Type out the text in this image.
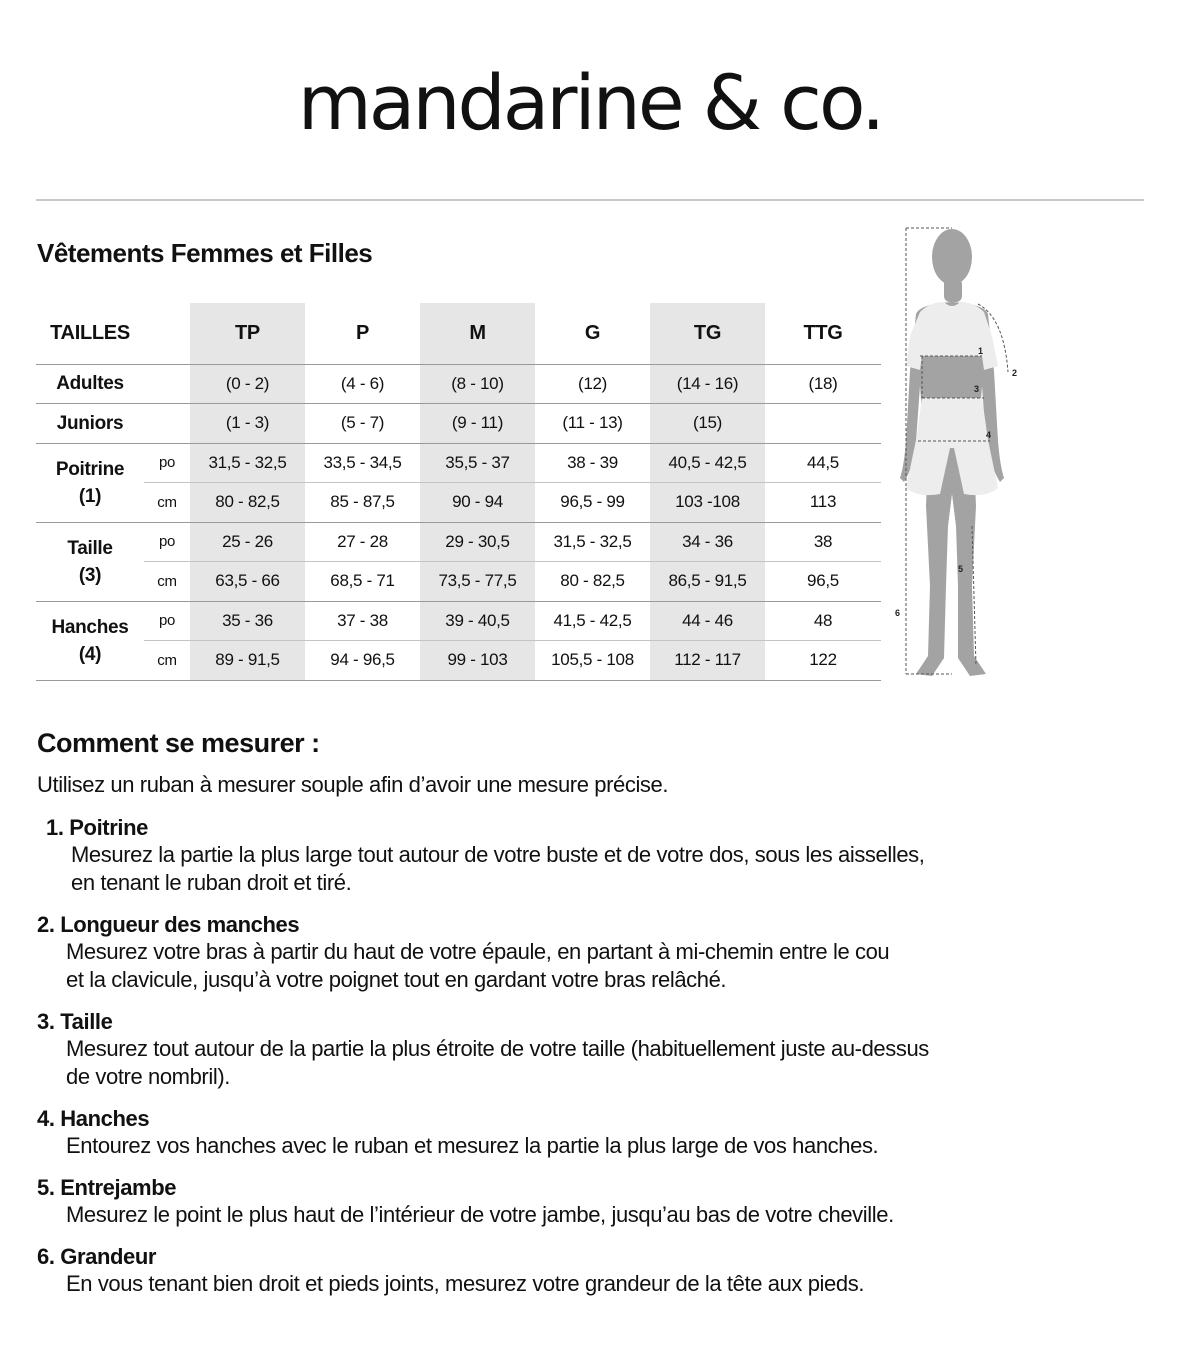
mandarine & co.
Vêtements Femmes et Filles
TAILLES		TP	P	M	G	TG	TTG
Adultes		(0 - 2)	(4 - 6)	(8 - 10)	(12)	(14 - 16)	(18)
Juniors		(1 - 3)	(5 - 7)	(9 - 11)	(11 - 13)	(15)	
Poitrine
(1)	po	31,5 - 32,5	33,5 - 34,5	35,5 - 37	38 - 39	40,5 - 42,5	44,5
	cm	80 - 82,5	85 - 87,5	90 - 94	96,5 - 99	103 -108	113
Taille
(3)	po	25 - 26	27 - 28	29 - 30,5	31,5 - 32,5	34 - 36	38
	cm	63,5 - 66	68,5 - 71	73,5 - 77,5	80 - 82,5	86,5 - 91,5	96,5
Hanches
(4)	po	35 - 36	37 - 38	39 - 40,5	41,5 - 42,5	44 - 46	48
	cm	89 - 91,5	94 - 96,5	99 - 103	105,5 - 108	112 - 117	122
1
2
3
4
5
6
Comment se mesurer :

Utilisez un ruban à mesurer souple afin d’avoir une mesure précise.

1. Poitrine
Mesurez la partie la plus large tout autour de votre buste et de votre dos, sous les aisselles,
en tenant le ruban droit et tiré.
2. Longueur des manches
Mesurez votre bras à partir du haut de votre épaule, en partant à mi-chemin entre le cou
et la clavicule, jusqu’à votre poignet tout en gardant votre bras relâché.
3. Taille
Mesurez tout autour de la partie la plus étroite de votre taille (habituellement juste au-dessus
de votre nombril).
4. Hanches
Entourez vos hanches avec le ruban et mesurez la partie la plus large de vos hanches.
5. Entrejambe
Mesurez le point le plus haut de l’intérieur de votre jambe, jusqu’au bas de votre cheville.
6. Grandeur
En vous tenant bien droit et pieds joints, mesurez votre grandeur de la tête aux pieds.
